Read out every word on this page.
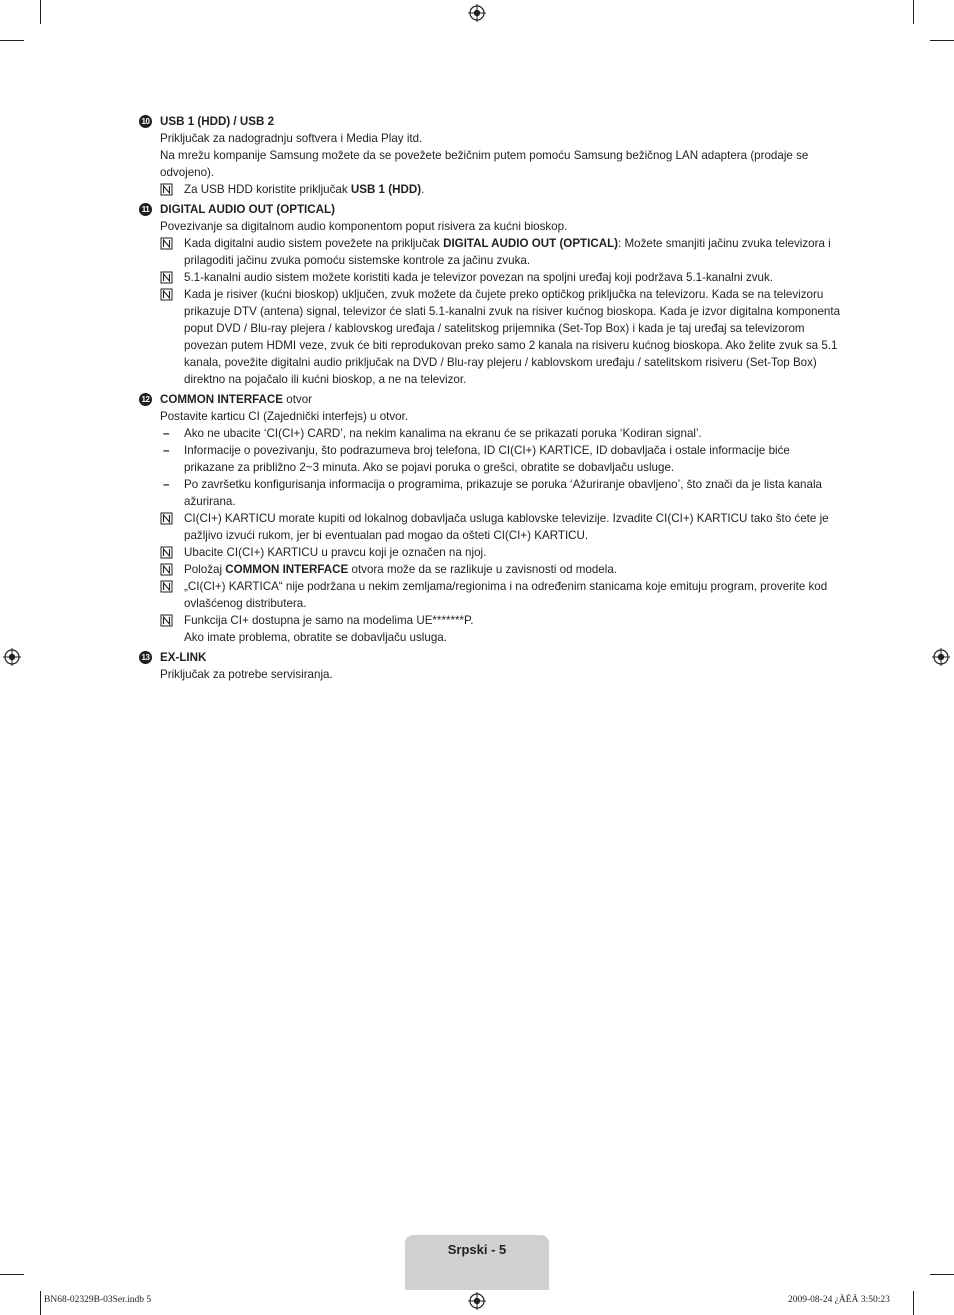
10 USB 1 (HDD) / USB 2
Priključak za nadogradnju softvera i Media Play itd.
Na mrežu kompanije Samsung možete da se povežete bežičnim putem pomoću Samsung bežičnog LAN adaptera (prodaje se odvojeno).
Za USB HDD koristite priključak USB 1 (HDD).
11 DIGITAL AUDIO OUT (OPTICAL)
Povezivanje sa digitalnom audio komponentom poput risivera za kućni bioskop.
Kada digitalni audio sistem povežete na priključak DIGITAL AUDIO OUT (OPTICAL): Možete smanjiti jačinu zvuka televizora i prilagoditi jačinu zvuka pomoću sistemske kontrole za jačinu zvuka.
5.1-kanalni audio sistem možete koristiti kada je televizor povezan na spoljni uređaj koji podržava 5.1-kanalni zvuk.
Kada je risiver (kućni bioskop) uključen, zvuk možete da čujete preko optičkog priključka na televizoru. Kada se na televizoru prikazuje DTV (antena) signal, televizor će slati 5.1-kanalni zvuk na risiver kućnog bioskopa. Kada je izvor digitalna komponenta poput DVD / Blu-ray plejera / kablovskog uređaja / satelitskog prijemnika (Set-Top Box) i kada je taj uređaj sa televizorom povezan putem HDMI veze, zvuk će biti reprodukovan preko samo 2 kanala na risiveru kućnog bioskopa. Ako želite zvuk sa 5.1 kanala, povežite digitalni audio priključak na DVD / Blu-ray plejeru / kablovskom uređaju / satelitskom risiveru (Set-Top Box) direktno na pojačalo ili kućni bioskop, a ne na televizor.
12 COMMON INTERFACE otvor
Postavite karticu CI (Zajednički interfejs) u otvor.
– Ako ne ubacite ‘CI(CI+) CARD’, na nekim kanalima na ekranu će se prikazati poruka ‘Kodiran signal’.
– Informacije o povezivanju, što podrazumeva broj telefona, ID CI(CI+) KARTICE, ID dobavljača i ostale informacije biće prikazane za približno 2~3 minuta. Ako se pojavi poruka o grešci, obratite se dobavljaču usluge.
– Po završetku konfigurisanja informacija o programima, prikazuje se poruka ‘Ažuriranje obavljeno’, što znači da je lista kanala ažurirana.
CI(CI+) KARTICU morate kupiti od lokalnog dobavljača usluga kablovske televizije. Izvadite CI(CI+) KARTICU tako što ćete je pažljivo izvući rukom, jer bi eventualan pad mogao da ošteti CI(CI+) KARTICU.
Ubacite CI(CI+) KARTICU u pravcu koji je označen na njoj.
Položaj COMMON INTERFACE otvora može da se razlikuje u zavisnosti od modela.
„CI(CI+) KARTICA“ nije podržana u nekim zemljama/regionima i na određenim stanicama koje emituju program, proverite kod ovlašćenog distributera.
Funkcija CI+ dostupna je samo na modelima UE*******P.
Ako imate problema, obratite se dobavljaču usluga.
13 EX-LINK
Priključak za potrebe servisiranja.
Srpski - 5
BN68-02329B-03Ser.indb 5	2009-08-24 ¿ÀÈÄ 3:50:23
